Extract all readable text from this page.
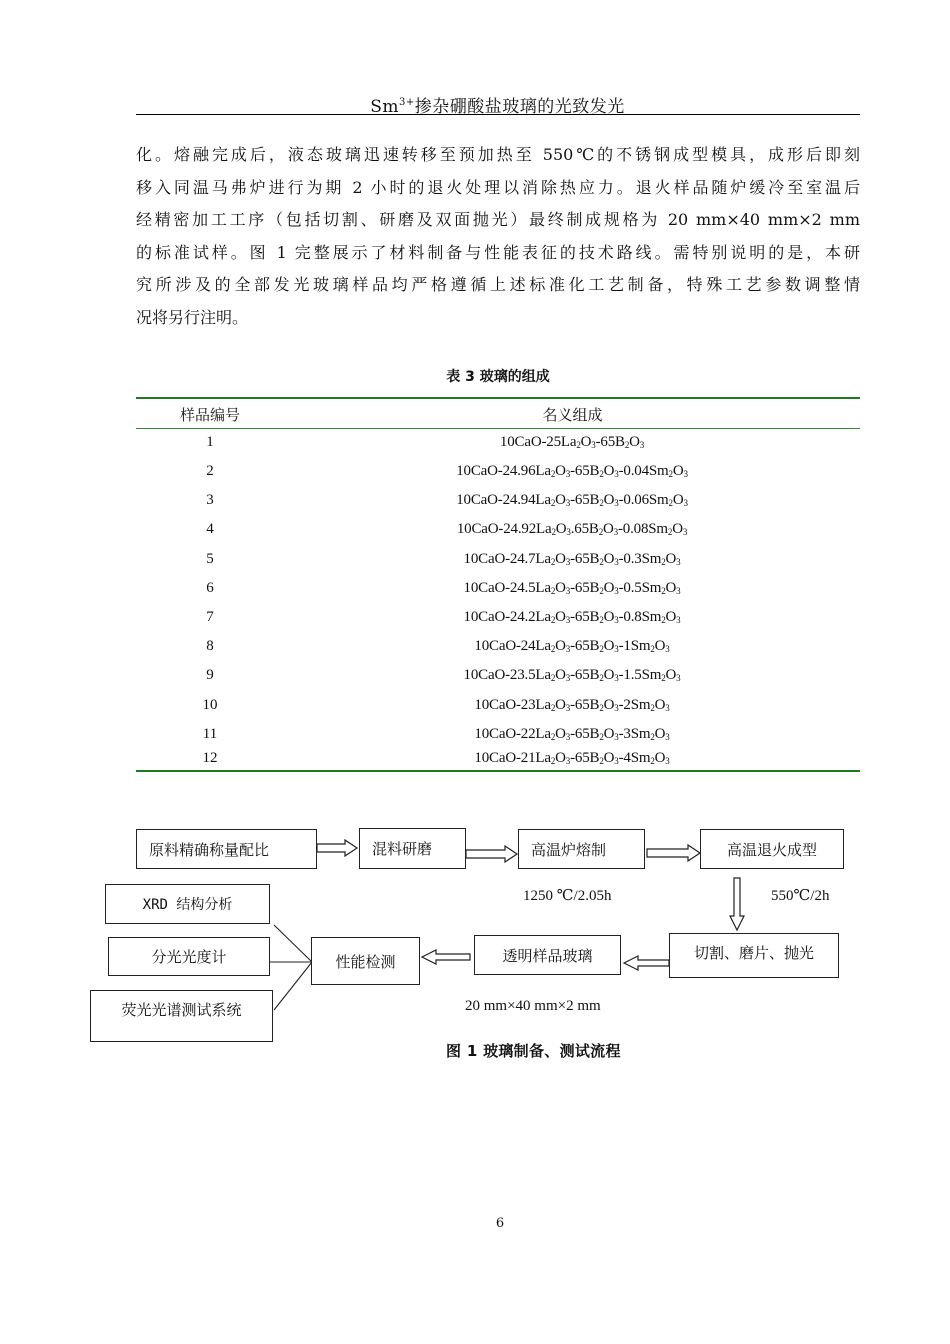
$Sm^{3+}$掺杂硼酸盐玻璃的光致发光
化。熔融完成后，液态玻璃迅速转移至预加热至 550℃的不锈钢成型模具，成形后即刻
移入同温马弗炉进行为期 2 小时的退火处理以消除热应力。退火样品随炉缓冷至室温后
经精密加工工序（包括切割、研磨及双面抛光）最终制成规格为 20 mm×40 mm×2 mm
的标准试样。图 1 完整展示了材料制备与性能表征的技术路线。需特别说明的是，本研
究所涉及的全部发光玻璃样品均严格遵循上述标准化工艺制备，特殊工艺参数调整情
况将另行注明。
表 3 玻璃的组成
样品编号	名义组成
1	$10CaO-25La_2O_3-65B_2O_3$
2	$10CaO-24.96La_2O_3-65B_2O_3-0.04Sm_2O_3$
3	$10CaO-24.94La_2O_3-65B_2O_3-0.06Sm_2O_3$
4	$10CaO-24.92La_2O_3.65B_2O_3-0.08Sm_2O_3$
5	$10CaO-24.7La_2O_3-65B_2O_3-0.3Sm_2O_3$
6	$10CaO-24.5La_2O_3-65B_2O_3-0.5Sm_2O_3$
7	$10CaO-24.2La_2O_3-65B_2O_3-0.8Sm_2O_3$
8	$10CaO-24La_2O_3-65B_2O_3-1Sm_2O_3$
9	$10CaO-23.5La_2O_3-65B_2O_3-1.5Sm_2O_3$
10	$10CaO-23La_2O_3-65B_2O_3-2Sm_2O_3$
11	$10CaO-22La_2O_3-65B_2O_3-3Sm_2O_3$
12	$10CaO-21La_2O_3-65B_2O_3-4Sm_2O_3$
原料精确称量配比	混料研磨	高温炉熔制	高温退火成型
1250 ℃/2.05h	550℃/2h
XRD 结构分析
分光光度计
荧光光谱测试系统
性能检测	透明样品玻璃	切割、磨片、抛光
20 mm×40 mm×2 mm
图 1 玻璃制备、测试流程
6
